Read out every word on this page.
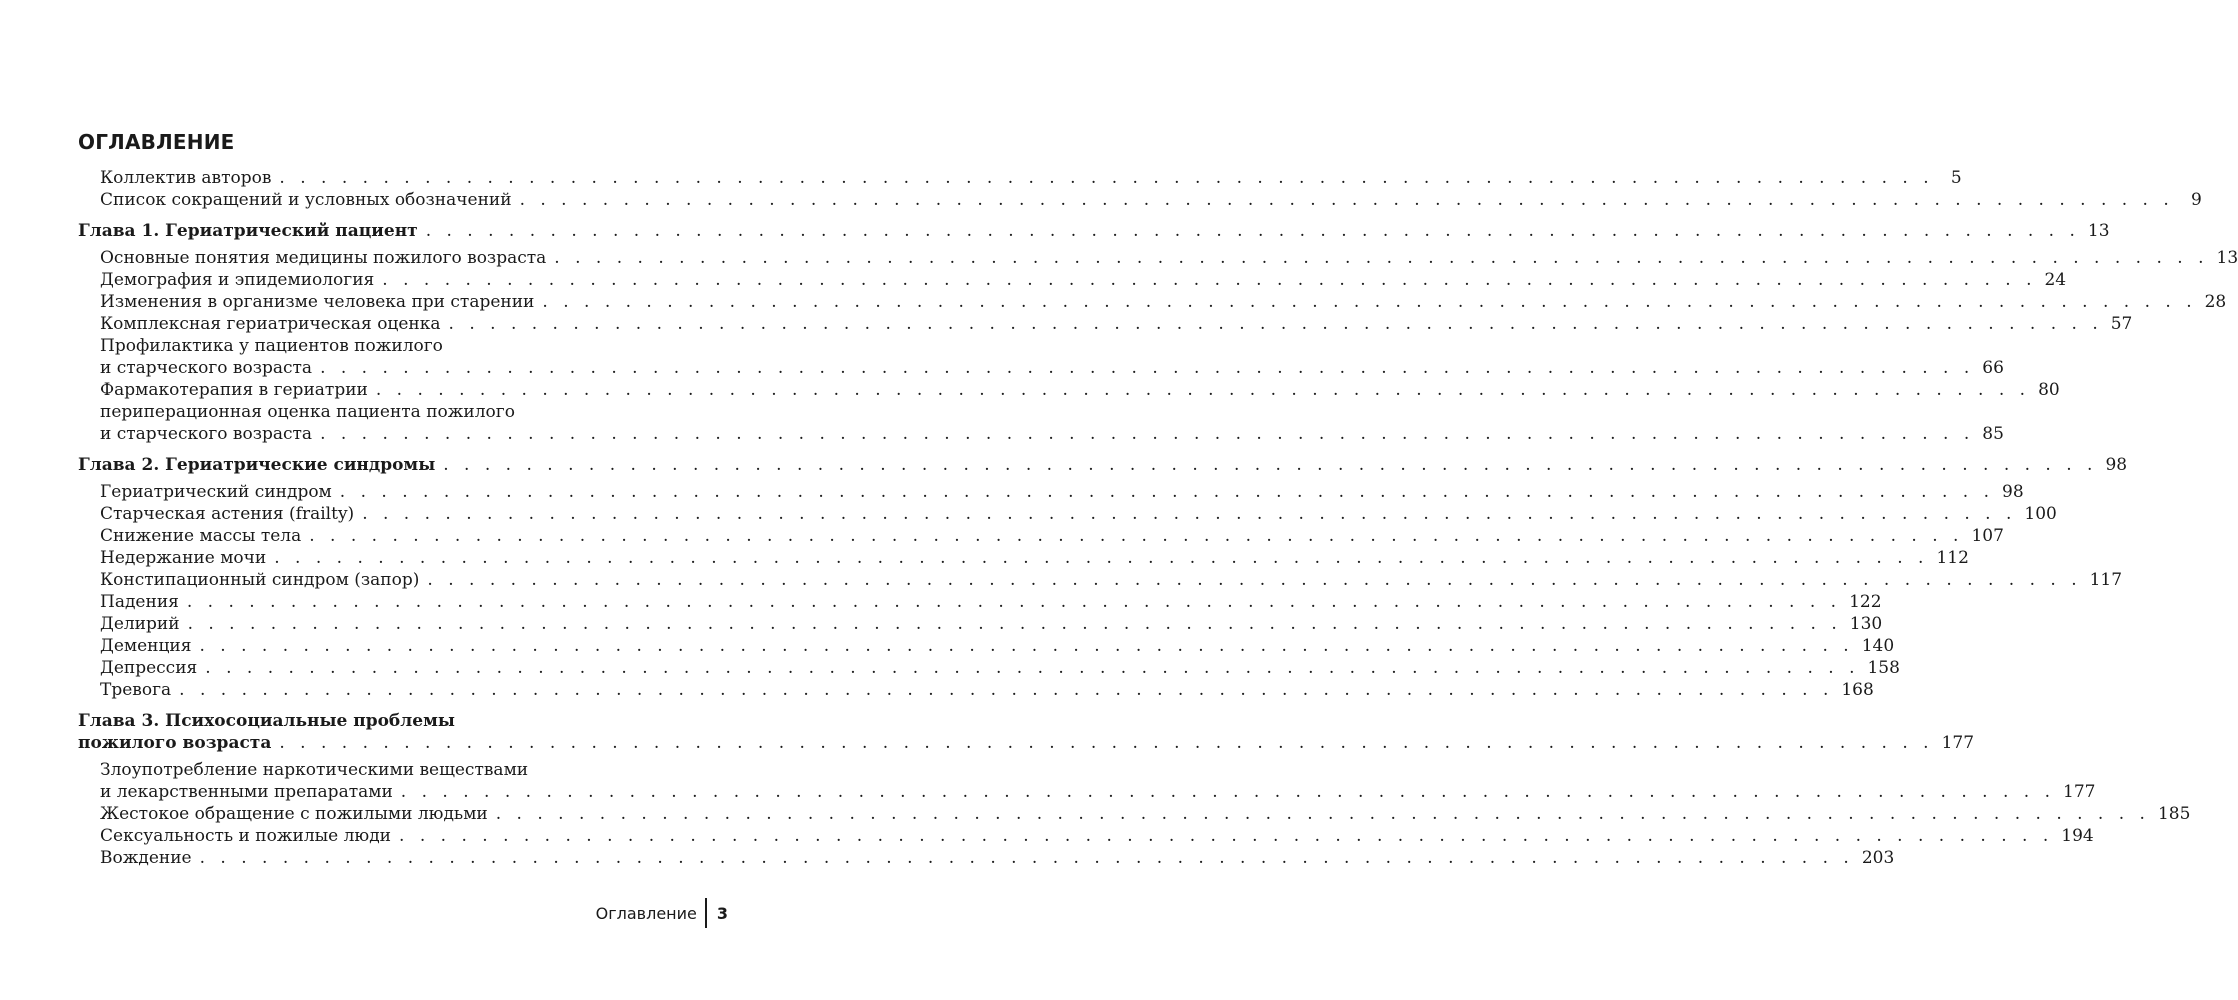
ОГЛАВЛЕНИЕ
Коллектив авторов . . . . . . . . . . . . . . . . . . . . . . . . . . . . . . . . . . . . . . . . . . . . . . . . . . . . . . . . . . . . . . . . . . . . . . . . . . . . . . . .	5
Список сокращений и условных обозначений . . . . . . . . . . . . . . . . . . . . . . . . . . . . . . . . . . . . . . . . . . . . . . . . . . . . . . . . . . . . . . . . . . . . . . . . . . . . . . . .	9
Глава 1. Гериатрический пациент . . . . . . . . . . . . . . . . . . . . . . . . . . . . . . . . . . . . . . . . . . . . . . . . . . . . . . . . . . . . . . . . . . . . . . . . . . . . . . . . 13
Основные понятия медицины пожилого возраста . . . . . . . . . . . . . . . . . . . . . . . . . . . . . . . . . . . . . . . . . . . . . . . . . . . . . . . . . . . . . . . . . . . . . . . . . . . . . . . . 13
Демография и эпидемиология . . . . . . . . . . . . . . . . . . . . . . . . . . . . . . . . . . . . . . . . . . . . . . . . . . . . . . . . . . . . . . . . . . . . . . . . . . . . . . . . 24
Изменения в организме человека при старении . . . . . . . . . . . . . . . . . . . . . . . . . . . . . . . . . . . . . . . . . . . . . . . . . . . . . . . . . . . . . . . . . . . . . . . . . . . . . . . . 28
Комплексная гериатрическая оценка . . . . . . . . . . . . . . . . . . . . . . . . . . . . . . . . . . . . . . . . . . . . . . . . . . . . . . . . . . . . . . . . . . . . . . . . . . . . . . . . 57
Профилактика у пациентов пожилого
и старческого возраста . . . . . . . . . . . . . . . . . . . . . . . . . . . . . . . . . . . . . . . . . . . . . . . . . . . . . . . . . . . . . . . . . . . . . . . . . . . . . . . . 66
Фармакотерапия в гериатрии . . . . . . . . . . . . . . . . . . . . . . . . . . . . . . . . . . . . . . . . . . . . . . . . . . . . . . . . . . . . . . . . . . . . . . . . . . . . . . . . 80
периперационная оценка пациента пожилого
и старческого возраста . . . . . . . . . . . . . . . . . . . . . . . . . . . . . . . . . . . . . . . . . . . . . . . . . . . . . . . . . . . . . . . . . . . . . . . . . . . . . . . . 85
Глава 2. Гериатрические синдромы . . . . . . . . . . . . . . . . . . . . . . . . . . . . . . . . . . . . . . . . . . . . . . . . . . . . . . . . . . . . . . . . . . . . . . . . . . . . . . . . 98
Гериатрический синдром . . . . . . . . . . . . . . . . . . . . . . . . . . . . . . . . . . . . . . . . . . . . . . . . . . . . . . . . . . . . . . . . . . . . . . . . . . . . . . . . 98
Старческая астения (frailty) . . . . . . . . . . . . . . . . . . . . . . . . . . . . . . . . . . . . . . . . . . . . . . . . . . . . . . . . . . . . . . . . . . . . . . . . . . . . . . . . 100
Снижение массы тела . . . . . . . . . . . . . . . . . . . . . . . . . . . . . . . . . . . . . . . . . . . . . . . . . . . . . . . . . . . . . . . . . . . . . . . . . . . . . . . . 107
Недержание мочи . . . . . . . . . . . . . . . . . . . . . . . . . . . . . . . . . . . . . . . . . . . . . . . . . . . . . . . . . . . . . . . . . . . . . . . . . . . . . . . . 112
Констипационный синдром (запор) . . . . . . . . . . . . . . . . . . . . . . . . . . . . . . . . . . . . . . . . . . . . . . . . . . . . . . . . . . . . . . . . . . . . . . . . . . . . . . . . 117
Падения . . . . . . . . . . . . . . . . . . . . . . . . . . . . . . . . . . . . . . . . . . . . . . . . . . . . . . . . . . . . . . . . . . . . . . . . . . . . . . . . 122
Делирий . . . . . . . . . . . . . . . . . . . . . . . . . . . . . . . . . . . . . . . . . . . . . . . . . . . . . . . . . . . . . . . . . . . . . . . . . . . . . . . . 130
Деменция . . . . . . . . . . . . . . . . . . . . . . . . . . . . . . . . . . . . . . . . . . . . . . . . . . . . . . . . . . . . . . . . . . . . . . . . . . . . . . . . 140
Депрессия . . . . . . . . . . . . . . . . . . . . . . . . . . . . . . . . . . . . . . . . . . . . . . . . . . . . . . . . . . . . . . . . . . . . . . . . . . . . . . . . 158
Тревога . . . . . . . . . . . . . . . . . . . . . . . . . . . . . . . . . . . . . . . . . . . . . . . . . . . . . . . . . . . . . . . . . . . . . . . . . . . . . . . . 168
Глава 3. Психосоциальные проблемы
пожилого возраста . . . . . . . . . . . . . . . . . . . . . . . . . . . . . . . . . . . . . . . . . . . . . . . . . . . . . . . . . . . . . . . . . . . . . . . . . . . . . . . . 177
Злоупотребление наркотическими веществами
и лекарственными препаратами . . . . . . . . . . . . . . . . . . . . . . . . . . . . . . . . . . . . . . . . . . . . . . . . . . . . . . . . . . . . . . . . . . . . . . . . . . . . . . . . 177
Жестокое обращение с пожилыми людьми . . . . . . . . . . . . . . . . . . . . . . . . . . . . . . . . . . . . . . . . . . . . . . . . . . . . . . . . . . . . . . . . . . . . . . . . . . . . . . . . 185
Сексуальность и пожилые люди . . . . . . . . . . . . . . . . . . . . . . . . . . . . . . . . . . . . . . . . . . . . . . . . . . . . . . . . . . . . . . . . . . . . . . . . . . . . . . . . 194
Вождение . . . . . . . . . . . . . . . . . . . . . . . . . . . . . . . . . . . . . . . . . . . . . . . . . . . . . . . . . . . . . . . . . . . . . . . . . . . . . . . . 203
Оглавление 3
